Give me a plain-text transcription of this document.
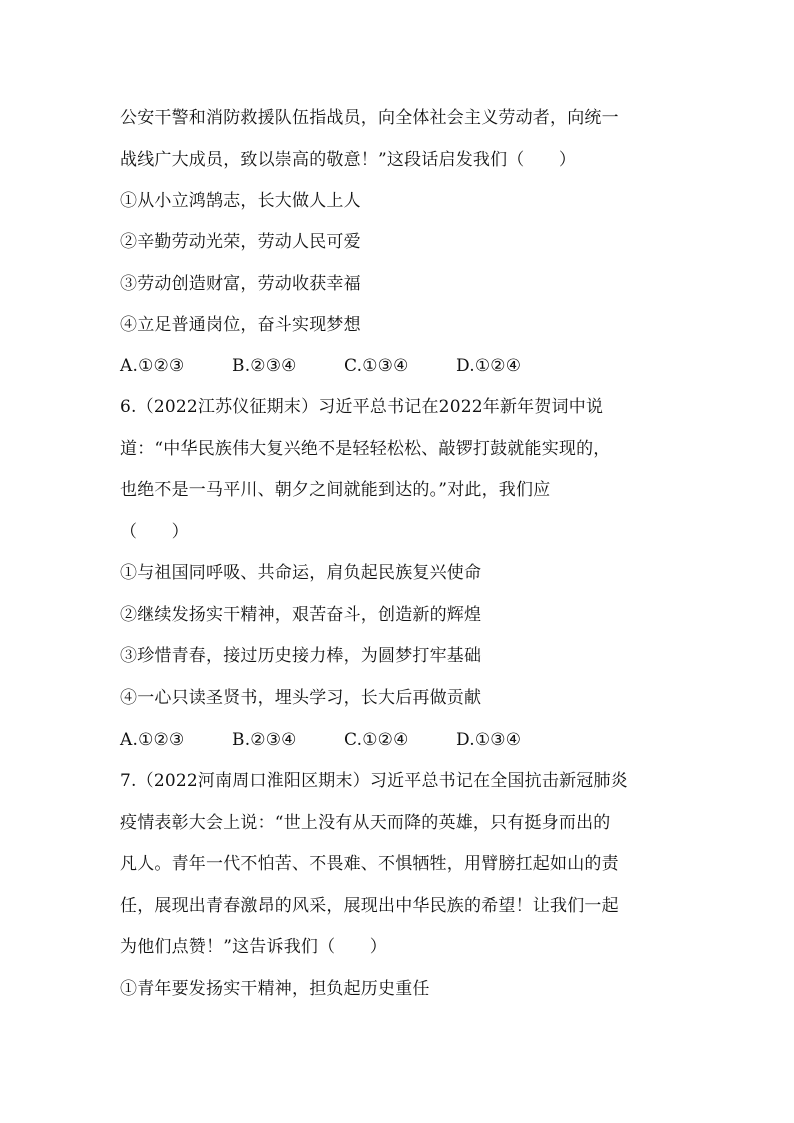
公安干警和消防救援队伍指战员，向全体社会主义劳动者，向统一
战线广大成员，致以崇高的敬意！”这段话启发我们（　　）
①从小立鸿鹄志，长大做人上人
②辛勤劳动光荣，劳动人民可爱
③劳动创造财富，劳动收获幸福
④立足普通岗位，奋斗实现梦想
A.①②③	B.②③④	C.①③④	D.①②④
6.（2022江苏仪征期末）习近平总书记在2022年新年贺词中说
道：“中华民族伟大复兴绝不是轻轻松松、敲锣打鼓就能实现的，
也绝不是一马平川、朝夕之间就能到达的。”对此，我们应
（　　）
①与祖国同呼吸、共命运，肩负起民族复兴使命
②继续发扬实干精神，艰苦奋斗，创造新的辉煌
③珍惜青春，接过历史接力棒，为圆梦打牢基础
④一心只读圣贤书，埋头学习，长大后再做贡献
A.①②③	B.②③④	C.①②④	D.①③④
7.（2022河南周口淮阳区期末）习近平总书记在全国抗击新冠肺炎
疫情表彰大会上说：“世上没有从天而降的英雄，只有挺身而出的
凡人。青年一代不怕苦、不畏难、不惧牺牲，用臂膀扛起如山的责
任，展现出青春激昂的风采，展现出中华民族的希望！让我们一起
为他们点赞！”这告诉我们（　　）
①青年要发扬实干精神，担负起历史重任
